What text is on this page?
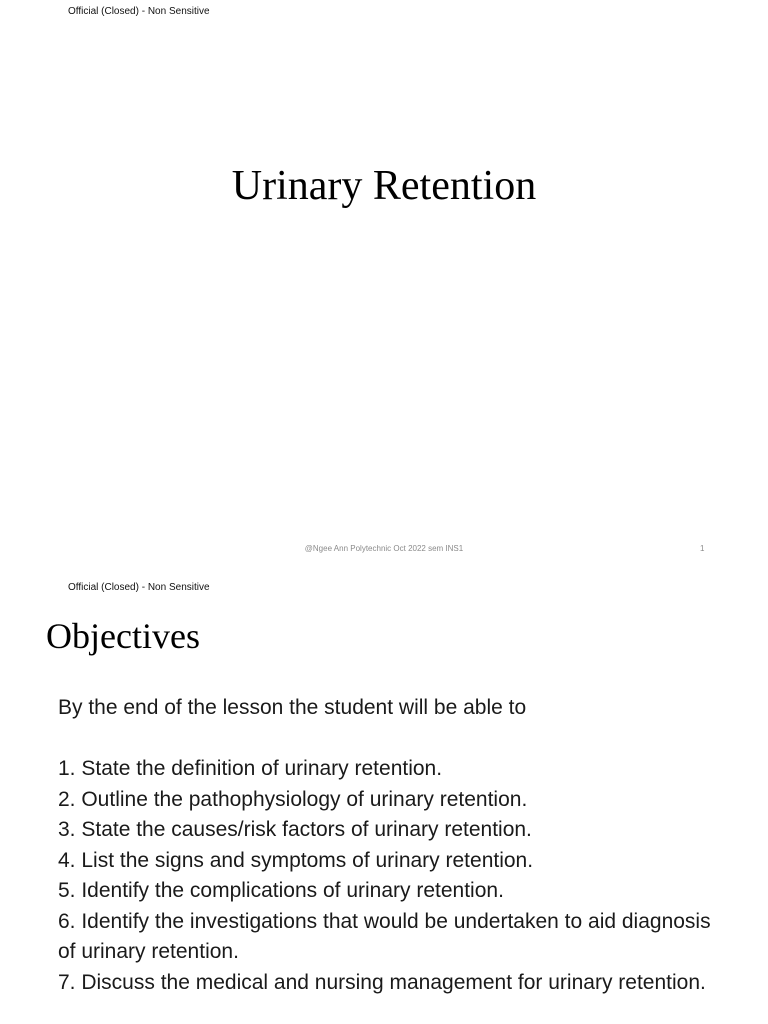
Official (Closed) - Non Sensitive
Urinary Retention
@Ngee Ann Polytechnic Oct 2022 sem INS1	1
Official (Closed) - Non Sensitive
Objectives

By the end of the lesson the student will be able to

1. State the definition of urinary retention.
2. Outline the pathophysiology of urinary retention.
3. State the causes/risk factors of urinary retention.
4. List the signs and symptoms of urinary retention.
5. Identify the complications of urinary retention.
6. Identify the investigations that would be undertaken to aid diagnosis of urinary retention.
7. Discuss the medical and nursing management for urinary retention.
